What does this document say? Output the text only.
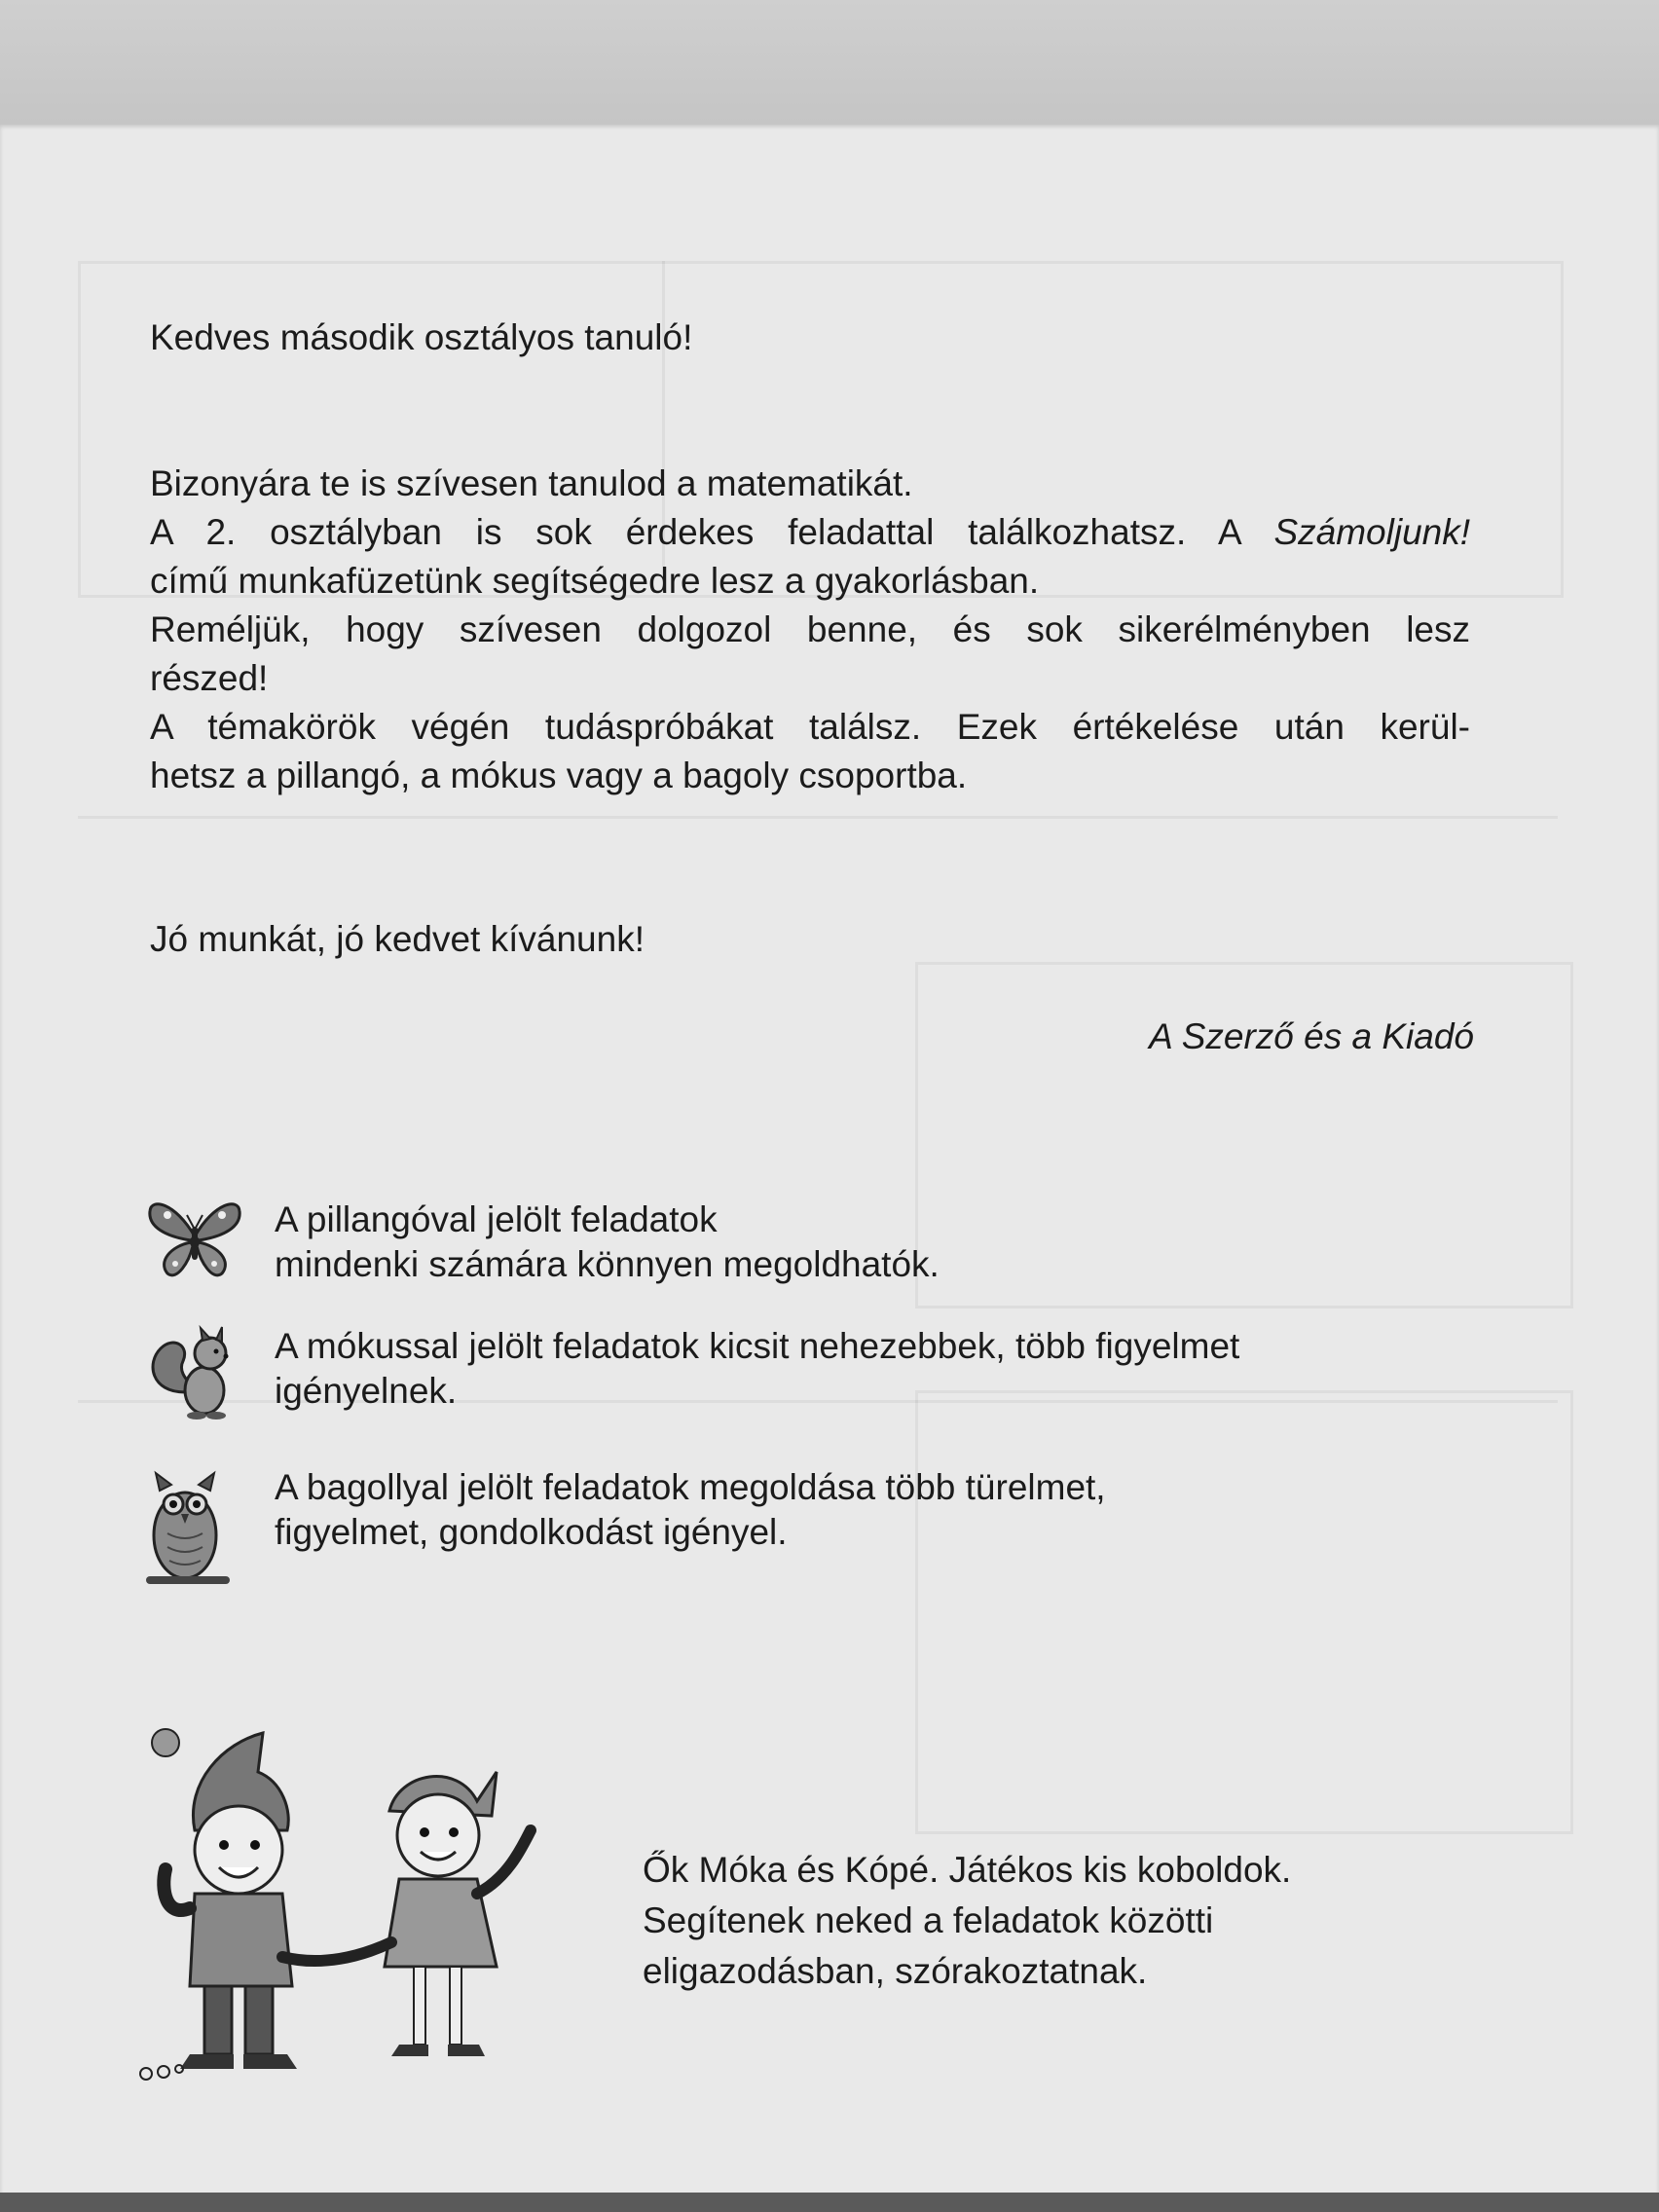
Kedves második osztályos tanuló!
Bizonyára te is szívesen tanulod a matematikát.
A 2. osztályban is sok érdekes feladattal találkozhatsz. A Számoljunk!
című munkafüzetünk segítségedre lesz a gyakorlásban.
Reméljük, hogy szívesen dolgozol benne, és sok sikerélményben lesz
részed!
A témakörök végén tudáspróbákat találsz. Ezek értékelése után kerül-
hetsz a pillangó, a mókus vagy a bagoly csoportba.
Jó munkát, jó kedvet kívánunk!
A Szerző és a Kiadó
A pillangóval jelölt feladatok
mindenki számára könnyen megoldhatók.
A mókussal jelölt feladatok kicsit nehezebbek, több figyelmet
igényelnek.
A bagollyal jelölt feladatok megoldása több türelmet,
figyelmet, gondolkodást igényel.
Ők Móka és Kópé. Játékos kis koboldok.
Segítenek neked a feladatok közötti
eligazodásban, szórakoztatnak.
